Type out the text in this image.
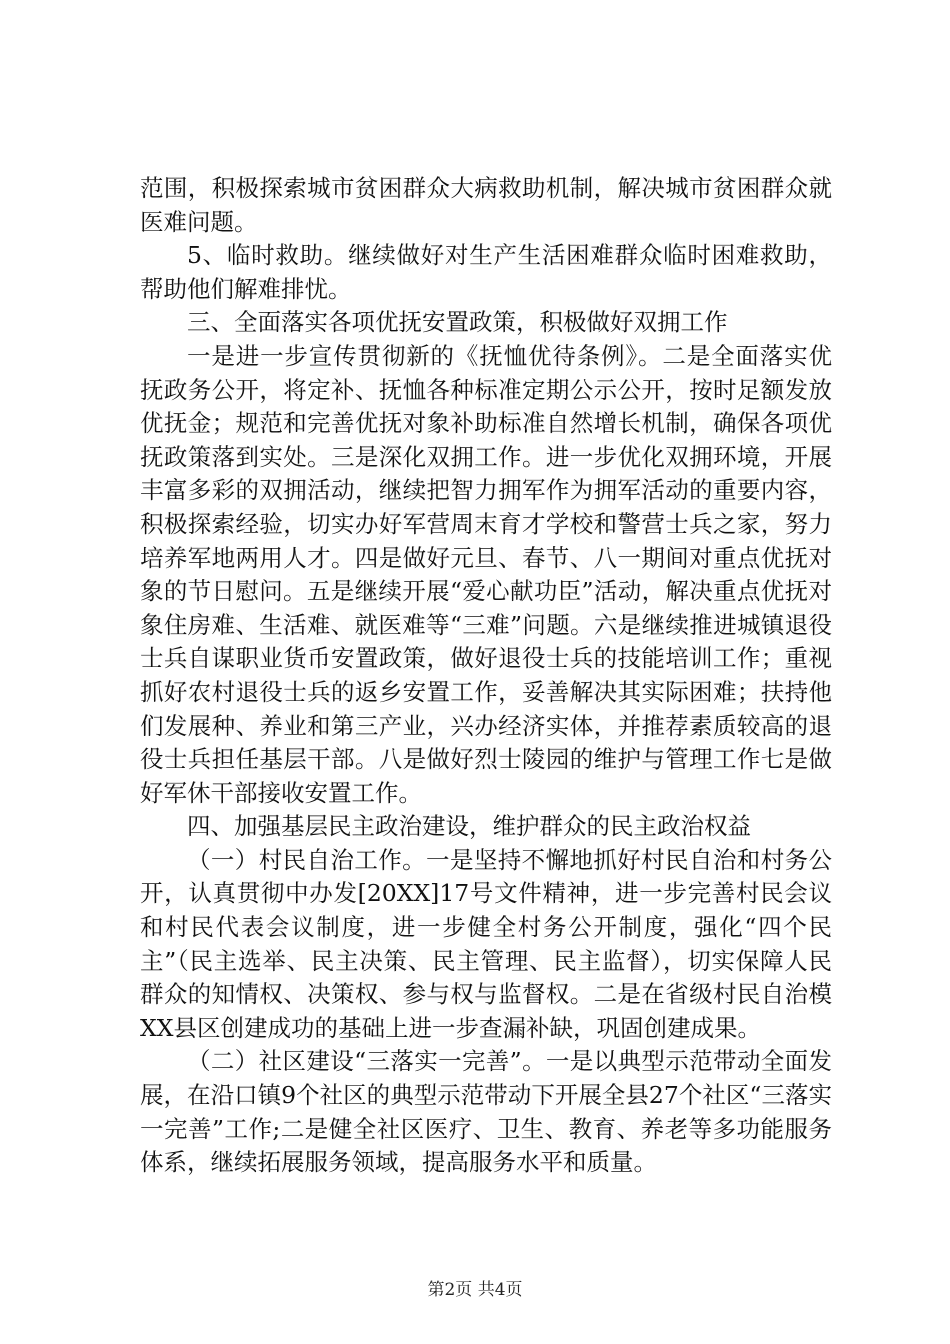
范围，积极探索城市贫困群众大病救助机制，解决城市贫困群众就医难问题。

5、临时救助。继续做好对生产生活困难群众临时困难救助，帮助他们解难排忧。

三、全面落实各项优抚安置政策，积极做好双拥工作

一是进一步宣传贯彻新的《抚恤优待条例》。二是全面落实优抚政务公开，将定补、抚恤各种标准定期公示公开，按时足额发放优抚金；规范和完善优抚对象补助标准自然增长机制，确保各项优抚政策落到实处。三是深化双拥工作。进一步优化双拥环境，开展丰富多彩的双拥活动，继续把智力拥军作为拥军活动的重要内容，积极探索经验，切实办好军营周末育才学校和警营士兵之家，努力培养军地两用人才。四是做好元旦、春节、八一期间对重点优抚对象的节日慰问。五是继续开展“爱心献功臣”活动，解决重点优抚对象住房难、生活难、就医难等“三难”问题。六是继续推进城镇退役士兵自谋职业货币安置政策，做好退役士兵的技能培训工作；重视抓好农村退役士兵的返乡安置工作，妥善解决其实际困难；扶持他们发展种、养业和第三产业，兴办经济实体，并推荐素质较高的退役士兵担任基层干部。八是做好烈士陵园的维护与管理工作七是做好军休干部接收安置工作。

四、加强基层民主政治建设，维护群众的民主政治权益

（一）村民自治工作。一是坚持不懈地抓好村民自治和村务公开，认真贯彻中办发[20XX]17号文件精神，进一步完善村民会议和村民代表会议制度，进一步健全村务公开制度，强化“四个民主”（民主选举、民主决策、民主管理、民主监督），切实保障人民群众的知情权、决策权、参与权与监督权。二是在省级村民自治模XX县区创建成功的基础上进一步查漏补缺，巩固创建成果。

（二）社区建设“三落实一完善”。一是以典型示范带动全面发展，在沿口镇9个社区的典型示范带动下开展全县27个社区“三落实一完善”工作;二是健全社区医疗、卫生、教育、养老等多功能服务体系，继续拓展服务领域，提高服务水平和质量。

第2页 共4页
